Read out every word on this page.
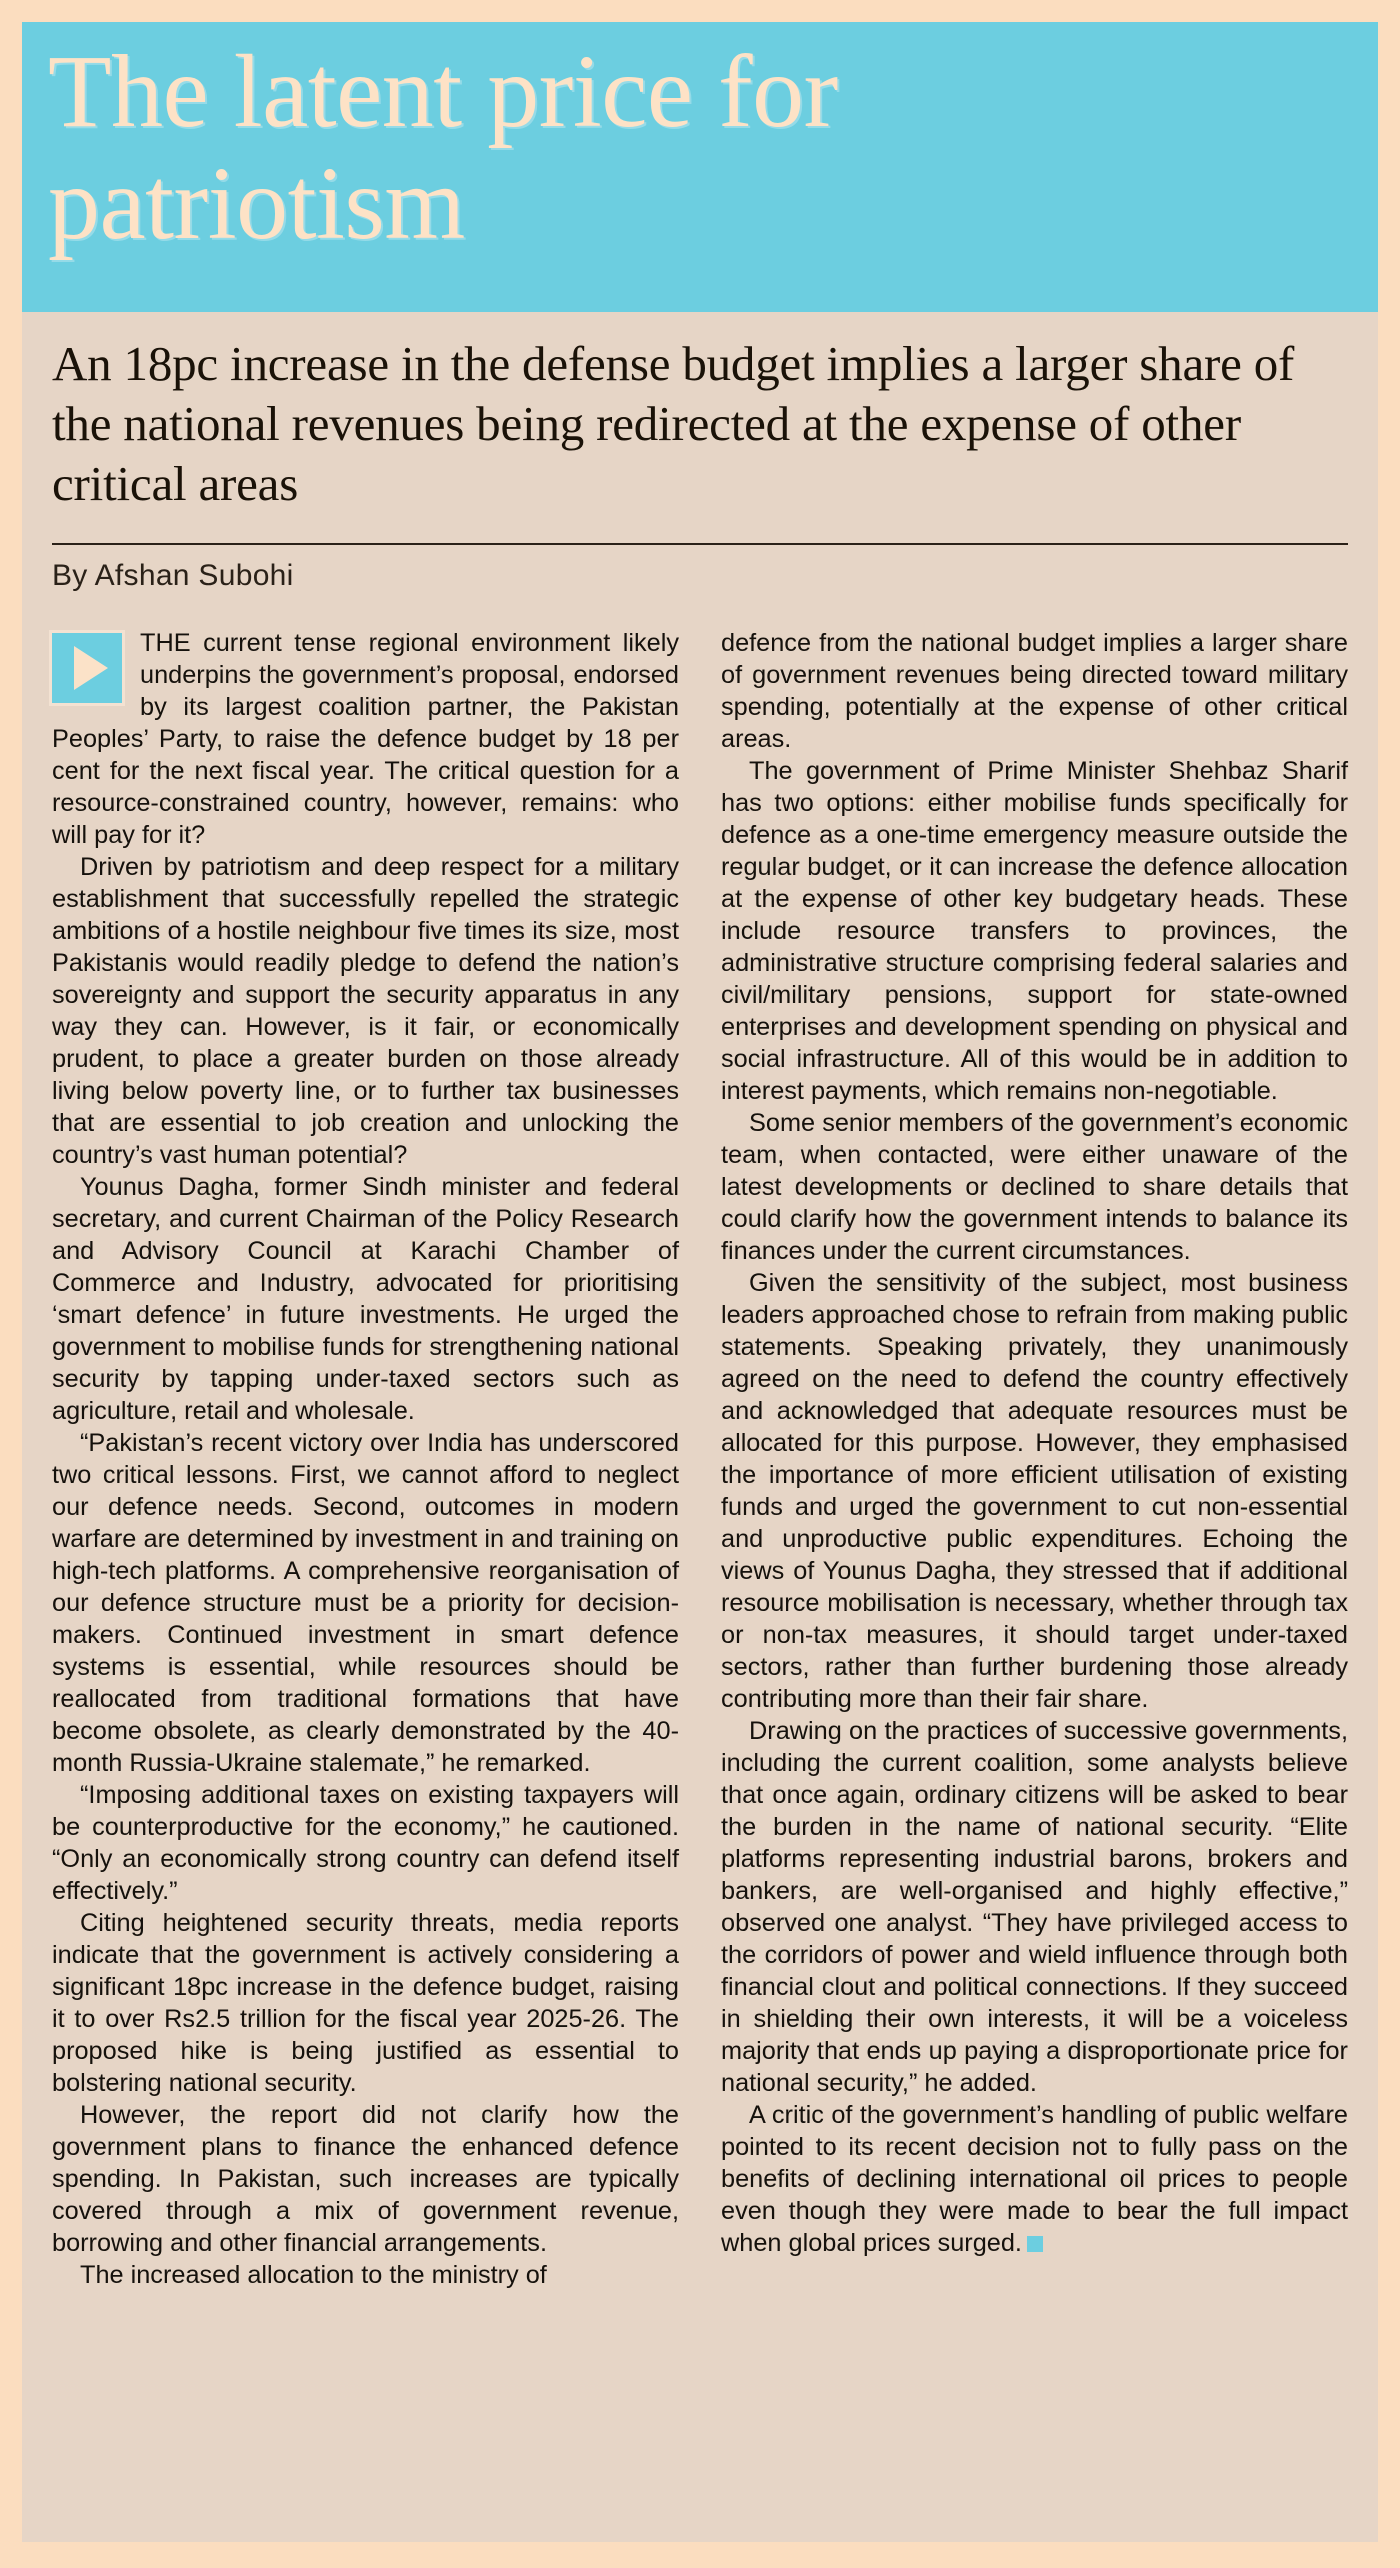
The latent price for patriotism

An 18pc increase in the defense budget implies a larger share of the national revenues being redirected at the expense of other critical areas

By Afshan Subohi

THE current tense regional environment likely underpins the government’s proposal, endorsed by its largest coalition partner, the Pakistan Peoples’ Party, to raise the defence budget by 18 per cent for the next fiscal year. The critical question for a resource-constrained country, however, remains: who will pay for it?

Driven by patriotism and deep respect for a military establishment that successfully repelled the strategic ambitions of a hostile neighbour five times its size, most Pakistanis would readily pledge to defend the nation’s sovereignty and support the security apparatus in any way they can. However, is it fair, or economically prudent, to place a greater burden on those already living below poverty line, or to further tax businesses that are essential to job creation and unlocking the country’s vast human potential?

Younus Dagha, former Sindh minister and federal secretary, and current Chairman of the Policy Research and Advisory Council at Karachi Chamber of Commerce and Industry, advocated for prioritising ‘smart defence’ in future investments. He urged the government to mobilise funds for strengthening national security by tapping under-taxed sectors such as agriculture, retail and wholesale.

“Pakistan’s recent victory over India has underscored two critical lessons. First, we cannot afford to neglect our defence needs. Second, outcomes in modern warfare are determined by investment in and training on high-tech platforms. A comprehensive reorganisation of our defence structure must be a priority for decision-makers. Continued investment in smart defence systems is essential, while resources should be reallocated from traditional formations that have become obsolete, as clearly demonstrated by the 40-month Russia-Ukraine stalemate,” he remarked.

“Imposing additional taxes on existing taxpayers will be counterproductive for the economy,” he cautioned. “Only an economically strong country can defend itself effectively.”

Citing heightened security threats, media reports indicate that the government is actively considering a significant 18pc increase in the defence budget, raising it to over Rs2.5 trillion for the fiscal year 2025-26. The proposed hike is being justified as essential to bolstering national security.

However, the report did not clarify how the government plans to finance the enhanced defence spending. In Pakistan, such increases are typically covered through a mix of government revenue, borrowing and other financial arrangements.

The increased allocation to the ministry of

defence from the national budget implies a larger share of government revenues being directed toward military spending, potentially at the expense of other critical areas.

The government of Prime Minister Shehbaz Sharif has two options: either mobilise funds specifically for defence as a one-time emergency measure outside the regular budget, or it can increase the defence allocation at the expense of other key budgetary heads. These include resource transfers to provinces, the administrative structure comprising federal salaries and civil/military pensions, support for state-owned enterprises and development spending on physical and social infrastructure. All of this would be in addition to interest payments, which remains non-negotiable.

Some senior members of the government’s economic team, when contacted, were either unaware of the latest developments or declined to share details that could clarify how the government intends to balance its finances under the current circumstances.

Given the sensitivity of the subject, most business leaders approached chose to refrain from making public statements. Speaking privately, they unanimously agreed on the need to defend the country effectively and acknowledged that adequate resources must be allocated for this purpose. However, they emphasised the importance of more efficient utilisation of existing funds and urged the government to cut non-essential and unproductive public expenditures. Echoing the views of Younus Dagha, they stressed that if additional resource mobilisation is necessary, whether through tax or non-tax measures, it should target under-taxed sectors, rather than further burdening those already contributing more than their fair share.

Drawing on the practices of successive governments, including the current coalition, some analysts believe that once again, ordinary citizens will be asked to bear the burden in the name of national security. “Elite platforms representing industrial barons, brokers and bankers, are well-organised and highly effective,” observed one analyst. “They have privileged access to the corridors of power and wield influence through both financial clout and political connections. If they succeed in shielding their own interests, it will be a voiceless majority that ends up paying a disproportionate price for national security,” he added.

A critic of the government’s handling of public welfare pointed to its recent decision not to fully pass on the benefits of declining international oil prices to people even though they were made to bear the full impact when global prices surged.
